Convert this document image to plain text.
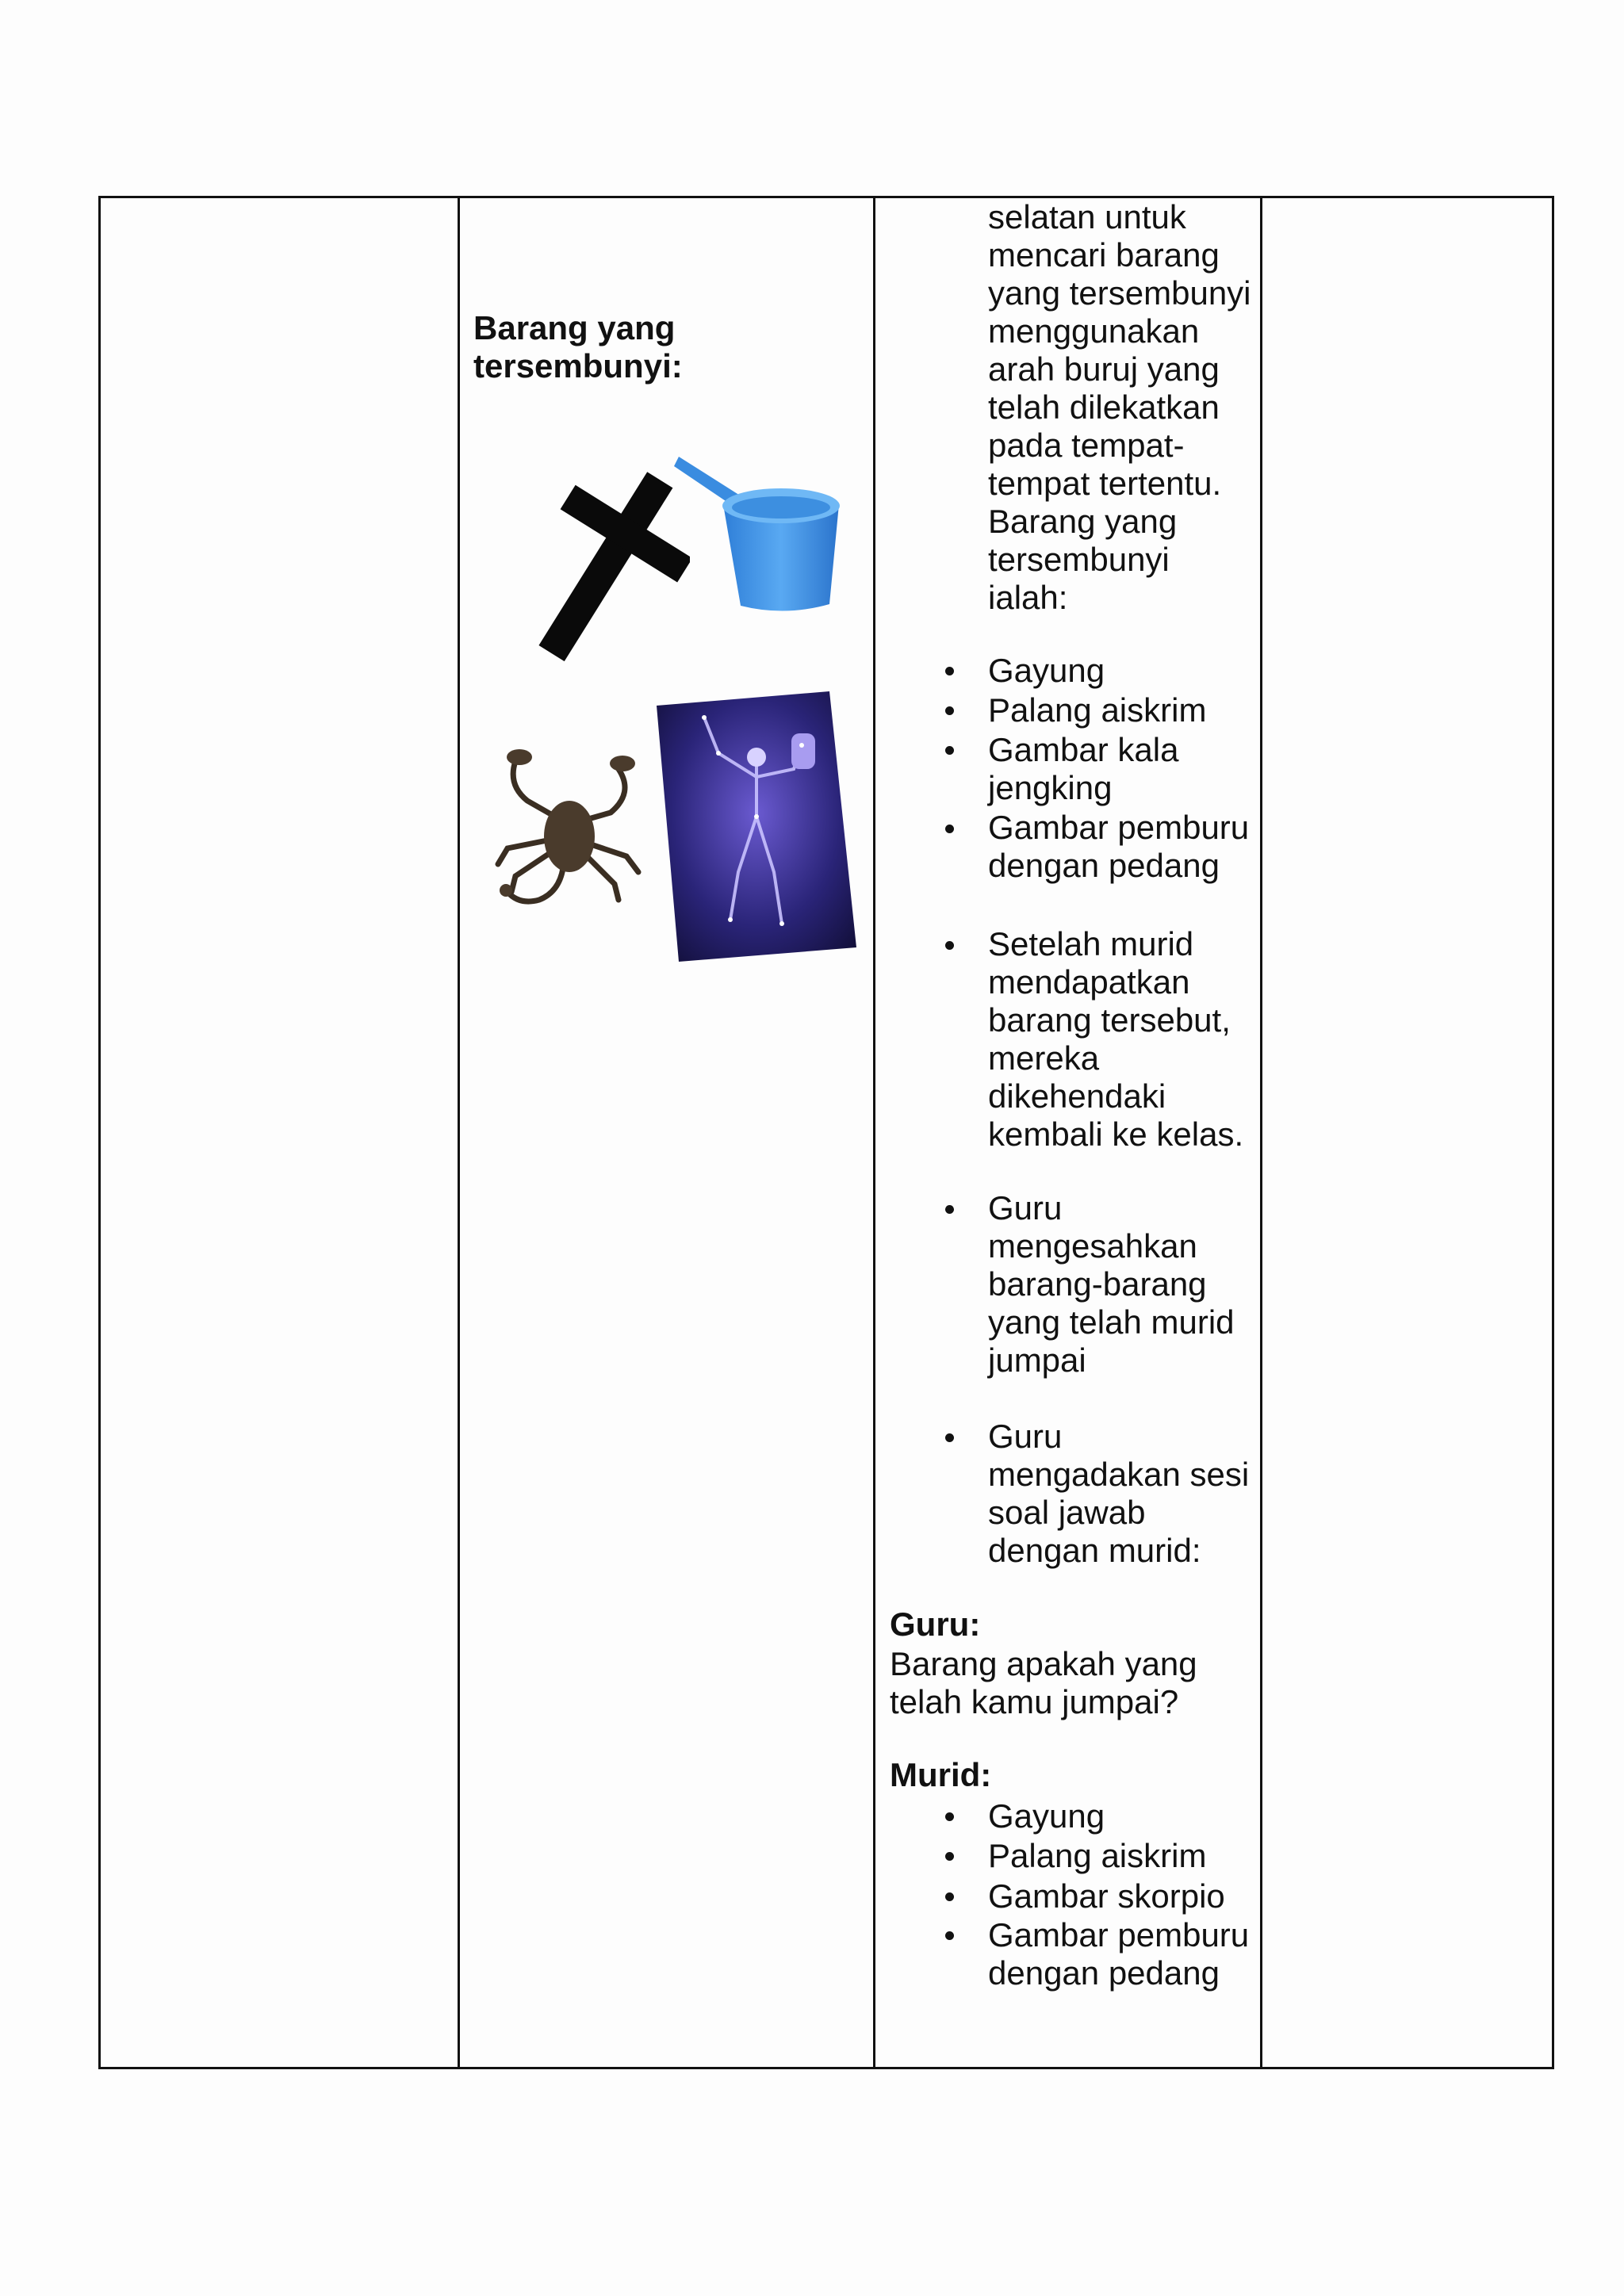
Barang yang
tersembunyi:
selatan untuk
mencari barang
yang tersembunyi
menggunakan
arah buruj yang
telah dilekatkan
pada tempat-
tempat tertentu.
Barang yang
tersembunyi
ialah:
Gayung
Palang aiskrim
Gambar kala
jengking
Gambar pemburu
dengan pedang
Setelah murid
mendapatkan
barang tersebut,
mereka
dikehendaki
kembali ke kelas.
Guru
mengesahkan
barang-barang
yang telah murid
jumpai
Guru
mengadakan sesi
soal jawab
dengan murid:
Guru:
Barang apakah yang
telah kamu jumpai?
Murid:
Gayung
Palang aiskrim
Gambar skorpio
Gambar pemburu
dengan pedang
